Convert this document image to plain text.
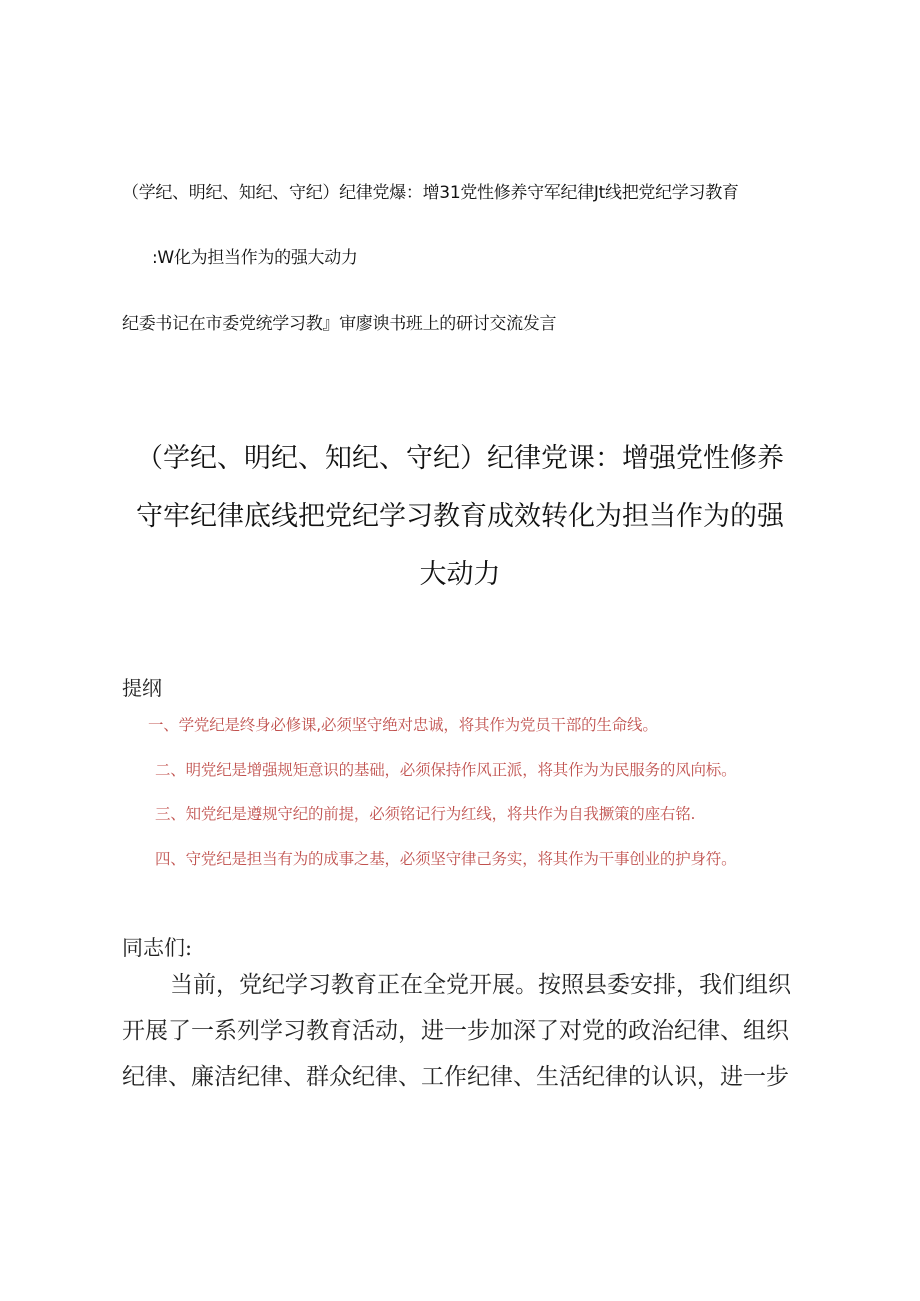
（学纪、明纪、知纪、守纪）纪律党爆：增31党性修养守军纪律Jt线把党纪学习教育
:W化为担当作为的强大动力
纪委书记在市委党统学习教』审廖谀书班上的研讨交流发言
（学纪、明纪、知纪、守纪）纪律党课：增强党性修养
守牢纪律底线把党纪学习教育成效转化为担当作为的强
大动力
提纲
一、学党纪是终身必修课,必须坚守绝对忠诚，将其作为党员干部的生命线。
二、明党纪是增强规矩意识的基础，必须保持作风正派，将其作为为民服务的风向标。
三、知党纪是遵规守纪的前提，必须铭记行为红线，将共作为自我撅策的座右铭.
四、守党纪是担当有为的成事之基，必须坚守律己务实，将其作为干事创业的护身符。
同志们:

当前，党纪学习教育正在全党开展。按照县委安排，我们组织
开展了一系列学习教育活动，进一步加深了对党的政治纪律、组织
纪律、廉洁纪律、群众纪律、工作纪律、生活纪律的认识，进一步
